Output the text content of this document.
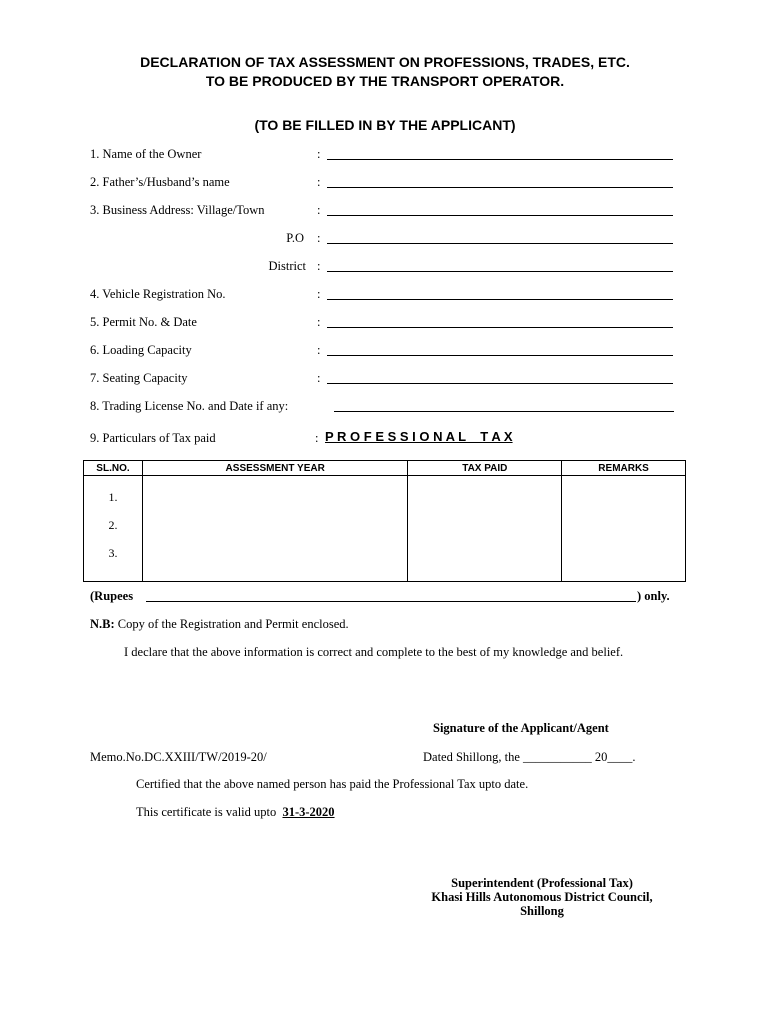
DECLARATION OF TAX ASSESSMENT ON PROFESSIONS, TRADES, ETC.
TO BE PRODUCED BY THE TRANSPORT OPERATOR.
(TO BE FILLED IN BY THE APPLICANT)
1. Name of the Owner	:
2. Father’s/Husband’s name	:
3. Business Address: Village/Town	:
P.O :
District :
4. Vehicle Registration No.	:
5. Permit No. & Date	:
6. Loading Capacity	:
7. Seating Capacity	:
8. Trading License No. and Date if any:
9. Particulars of Tax paid	: P R O F E S S I O N A L    T A X
SL.NO.	ASSESSMENT YEAR	TAX PAID	REMARKS

1.
2.
3.			

(Rupees	) only.
N.B: Copy of the Registration and Permit enclosed.
I declare that the above information is correct and complete to the best of my knowledge and belief.
Signature of the Applicant/Agent
Memo.No.DC.XXIII/TW/2019-20/	Dated Shillong, the ___________ 20____.
Certified that the above named person has paid the Professional Tax upto date.
This certificate is valid upto 31-3-2020
Superintendent (Professional Tax)
Khasi Hills Autonomous District Council,
Shillong
